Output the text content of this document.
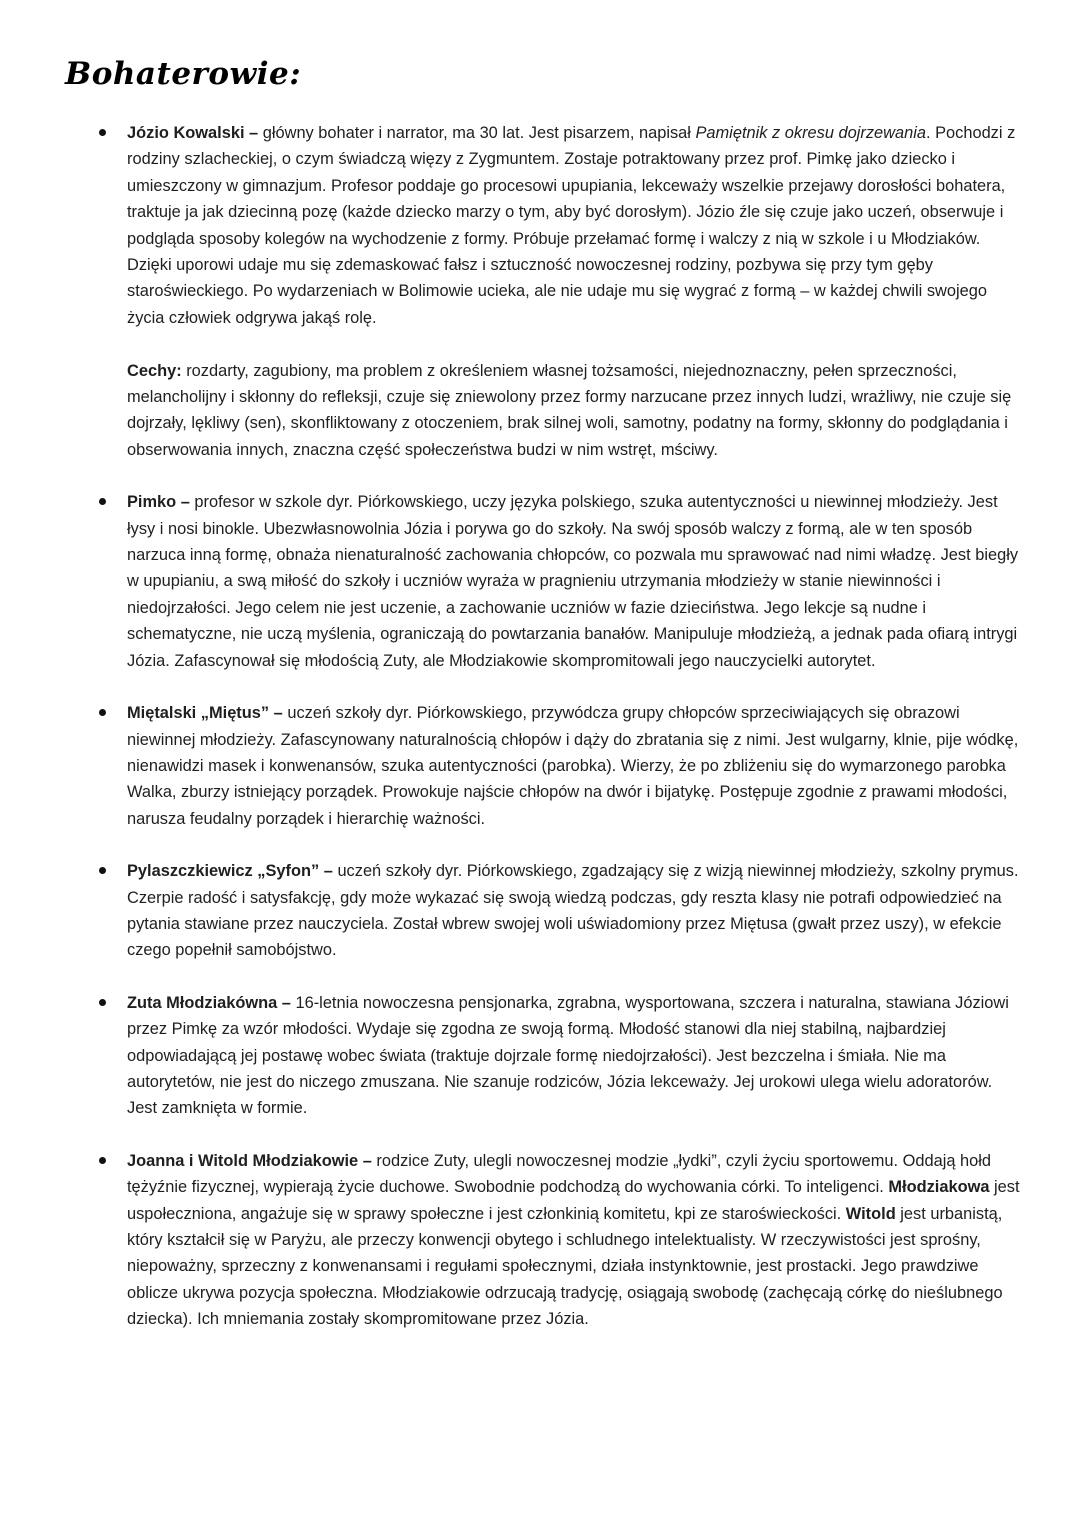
Bohaterowie:

Józio Kowalski – główny bohater i narrator, ma 30 lat. Jest pisarzem, napisał Pamiętnik z okresu dojrzewania. Pochodzi z rodziny szlacheckiej, o czym świadczą więzy z Zygmuntem. Zostaje potraktowany przez prof. Pimkę jako dziecko i umieszczony w gimnazjum. Profesor poddaje go procesowi upupiania, lekceważy wszelkie przejawy dorosłości bohatera, traktuje ja jak dziecinną pozę (każde dziecko marzy o tym, aby być dorosłym). Józio źle się czuje jako uczeń, obserwuje i podgląda sposoby kolegów na wychodzenie z formy. Próbuje przełamać formę i walczy z nią w szkole i u Młodziaków. Dzięki uporowi udaje mu się zdemaskować fałsz i sztuczność nowoczesnej rodziny, pozbywa się przy tym gęby staroświeckiego. Po wydarzeniach w Bolimowie ucieka, ale nie udaje mu się wygrać z formą – w każdej chwili swojego życia człowiek odgrywa jakąś rolę.

Cechy: rozdarty, zagubiony, ma problem z określeniem własnej tożsamości, niejednoznaczny, pełen sprzeczności, melancholijny i skłonny do refleksji, czuje się zniewolony przez formy narzucane przez innych ludzi, wrażliwy, nie czuje się dojrzały, lękliwy (sen), skonfliktowany z otoczeniem, brak silnej woli, samotny, podatny na formy, skłonny do podglądania i obserwowania innych, znaczna część społeczeństwa budzi w nim wstręt, mściwy.

Pimko – profesor w szkole dyr. Piórkowskiego, uczy języka polskiego, szuka autentyczności u niewinnej młodzieży. Jest łysy i nosi binokle. Ubezwłasnowolnia Józia i porywa go do szkoły. Na swój sposób walczy z formą, ale w ten sposób narzuca inną formę, obnaża nienaturalność zachowania chłopców, co pozwala mu sprawować nad nimi władzę. Jest biegły w upupianiu, a swą miłość do szkoły i uczniów wyraża w pragnieniu utrzymania młodzieży w stanie niewinności i niedojrzałości. Jego celem nie jest uczenie, a zachowanie uczniów w fazie dzieciństwa. Jego lekcje są nudne i schematyczne, nie uczą myślenia, ograniczają do powtarzania banałów. Manipuluje młodzieżą, a jednak pada ofiarą intrygi Józia. Zafascynował się młodością Zuty, ale Młodziakowie skompromitowali jego nauczycielki autorytet.

Miętalski „Miętus” – uczeń szkoły dyr. Piórkowskiego, przywódcza grupy chłopców sprzeciwiających się obrazowi niewinnej młodzieży. Zafascynowany naturalnością chłopów i dąży do zbratania się z nimi. Jest wulgarny, klnie, pije wódkę, nienawidzi masek i konwenansów, szuka autentyczności (parobka). Wierzy, że po zbliżeniu się do wymarzonego parobka Walka, zburzy istniejący porządek. Prowokuje najście chłopów na dwór i bijatykę. Postępuje zgodnie z prawami młodości, narusza feudalny porządek i hierarchię ważności.

Pylaszczkiewicz „Syfon” – uczeń szkoły dyr. Piórkowskiego, zgadzający się z wizją niewinnej młodzieży, szkolny prymus. Czerpie radość i satysfakcję, gdy może wykazać się swoją wiedzą podczas, gdy reszta klasy nie potrafi odpowiedzieć na pytania stawiane przez nauczyciela. Został wbrew swojej woli uświadomiony przez Miętusa (gwałt przez uszy), w efekcie czego popełnił samobójstwo.

Zuta Młodziakówna – 16-letnia nowoczesna pensjonarka, zgrabna, wysportowana, szczera i naturalna, stawiana Józiowi przez Pimkę za wzór młodości. Wydaje się zgodna ze swoją formą. Młodość stanowi dla niej stabilną, najbardziej odpowiadającą jej postawę wobec świata (traktuje dojrzale formę niedojrzałości). Jest bezczelna i śmiała. Nie ma autorytetów, nie jest do niczego zmuszana. Nie szanuje rodziców, Józia lekceważy. Jej urokowi ulega wielu adoratorów. Jest zamknięta w formie.

Joanna i Witold Młodziakowie – rodzice Zuty, ulegli nowoczesnej modzie „łydki”, czyli życiu sportowemu. Oddają hołd tężyźnie fizycznej, wypierają życie duchowe. Swobodnie podchodzą do wychowania córki. To inteligenci. Młodziakowa jest uspołeczniona, angażuje się w sprawy społeczne i jest członkinią komitetu, kpi ze staroświeckości. Witold jest urbanistą, który kształcił się w Paryżu, ale przeczy konwencji obytego i schludnego intelektualisty. W rzeczywistości jest sprośny, niepoważny, sprzeczny z konwenansami i regułami społecznymi, działa instynktownie, jest prostacki. Jego prawdziwe oblicze ukrywa pozycja społeczna. Młodziakowie odrzucają tradycję, osiągają swobodę (zachęcają córkę do nieślubnego dziecka). Ich mniemania zostały skompromitowane przez Józia.
